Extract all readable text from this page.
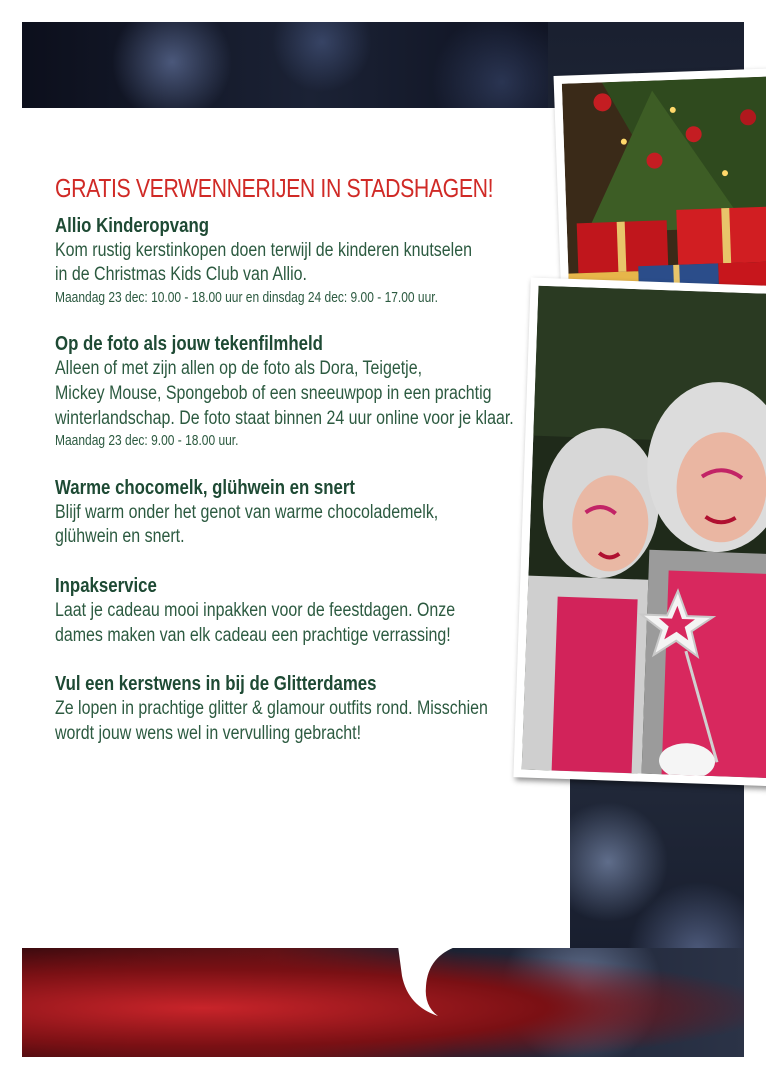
GRATIS VERWENNERIJEN IN STADSHAGEN!
Allio Kinderopvang

Kom rustig kerstinkopen doen terwijl de kinderen knutselen

in de Christmas Kids Club van Allio.

Maandag 23 dec: 10.00 - 18.00 uur en dinsdag 24 dec: 9.00 - 17.00 uur.

Op de foto als jouw tekenfilmheld

Alleen of met zijn allen op de foto als Dora, Teigetje,

Mickey Mouse, Spongebob of een sneeuwpop in een prachtig

winterlandschap. De foto staat binnen 24 uur online voor je klaar.

Maandag 23 dec: 9.00 - 18.00 uur.

Warme chocomelk, glühwein en snert

Blijf warm onder het genot van warme chocolademelk,

glühwein en snert.

Inpakservice

Laat je cadeau mooi inpakken voor de feestdagen. Onze

dames maken van elk cadeau een prachtige verrassing!

Vul een kerstwens in bij de Glitterdames

Ze lopen in prachtige glitter & glamour outfits rond. Misschien

wordt jouw wens wel in vervulling gebracht!
